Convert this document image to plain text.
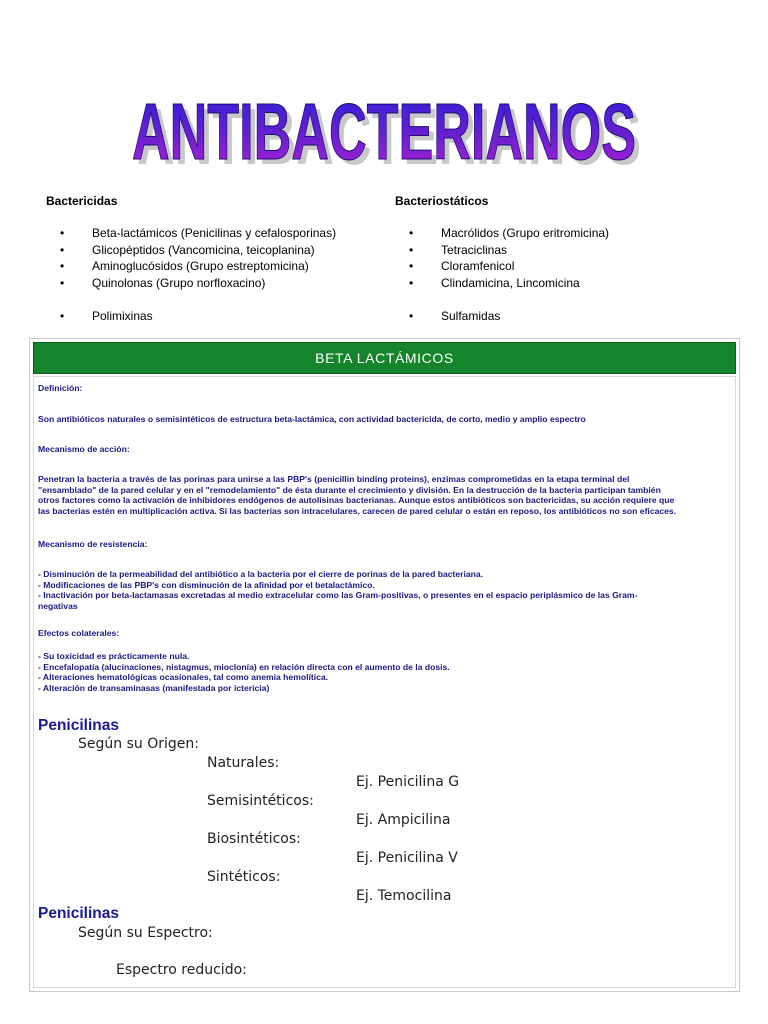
ANTIBACTERIANOS
ANTIBACTERIANOS
Bactericidas	Bacteriostáticos
• Beta-lactámicos (Penicilinas y cefalosporinas)
• Glicopéptidos (Vancomicina, teicoplanina)
• Aminoglucósidos (Grupo estreptomicina)
• Quinolonas (Grupo norfloxacino)
• Polimixinas
• Macrólidos (Grupo eritromicina)
• Tetraciclinas
• Cloramfenicol
• Clindamicina, Lincomicina
• Sulfamidas
BETA LACTÁMICOS
Definición:
Son antibióticos naturales o semisintéticos de estructura beta-lactámica, con actividad bactericida, de corto, medio y amplio espectro
Mecanismo de acción:
Penetran la bacteria a través de las porinas para unirse a las PBP's (penicillin binding proteins), enzimas comprometidas en la etapa terminal del
"ensamblado" de la pared celular y en el "remodelamiento" de ésta durante el crecimiento y división. En la destrucción de la bacteria participan también
otros factores como la activación de inhibidores endógenos de autolisinas bacterianas. Aunque estos antibióticos son bactericidas, su acción requiere que
las bacterias estén en multiplicación activa. Si las bacterias son intracelulares, carecen de pared celular o están en reposo, los antibióticos no son eficaces.
Mecanismo de resistencia:
- Disminución de la permeabilidad del antibiótico a la bacteria por el cierre de porinas de la pared bacteriana.
- Modificaciones de las PBP's con disminución de la afinidad por el betalactámico.
- Inactivación por beta-lactamasas excretadas al medio extracelular como las Gram-positivas, o presentes en el espacio periplásmico de las Gram-
negativas
Efectos colaterales:
- Su toxicidad es prácticamente nula.
- Encefalopatía (alucinaciones, nistagmus, mioclonía) en relación directa con el aumento de la dosis.
- Alteraciones hematológicas ocasionales, tal como anemia hemolítica.
- Alteración de transaminasas (manifestada por ictericia)
Penicilinas
Según su Origen:
Naturales:
Ej. Penicilina G
Semisintéticos:
Ej. Ampicilina
Biosintéticos:
Ej. Penicilina V
Sintéticos:
Ej. Temocilina
Penicilinas
Según su Espectro:
Espectro reducido:
